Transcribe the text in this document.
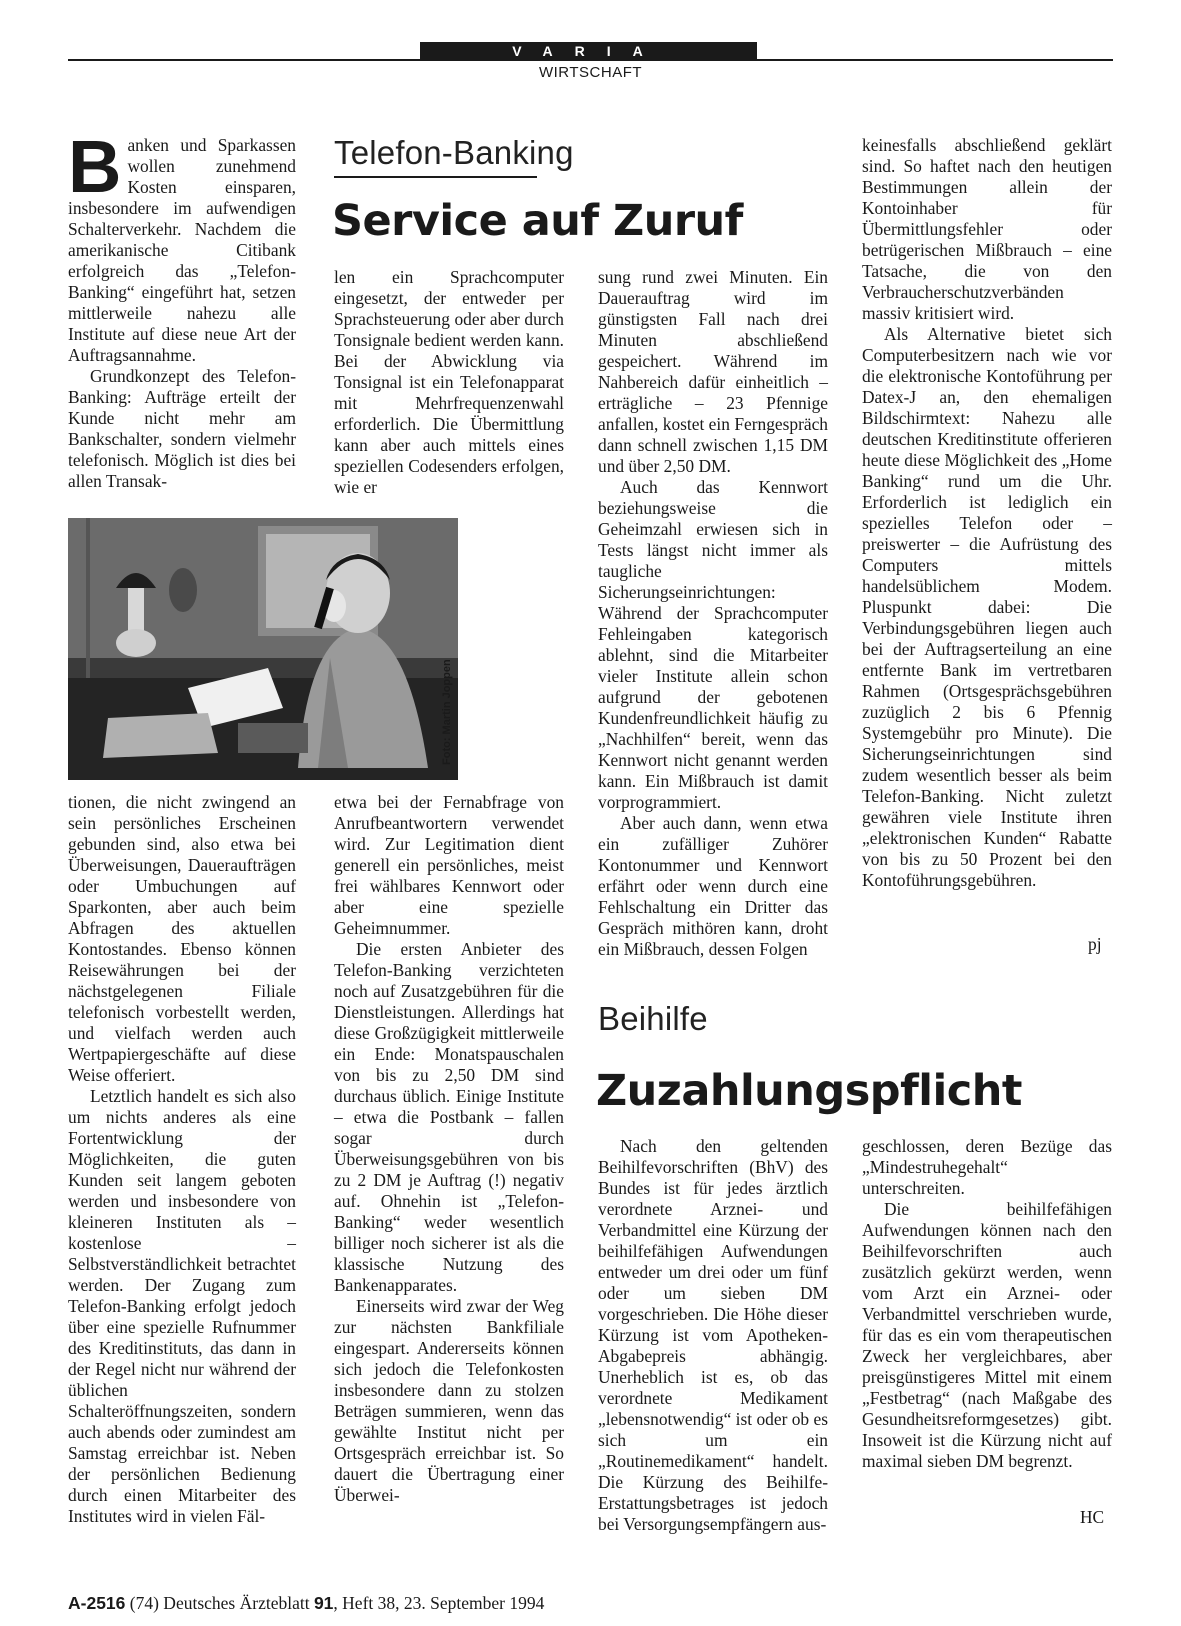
VARIA
WIRTSCHAFT

Banken und Sparkassen wollen zunehmend Kosten einsparen, insbesondere im aufwendigen Schalterverkehr. Nachdem die amerikanische Citibank erfolgreich das „Telefon-Banking“ eingeführt hat, setzen mittlerweile nahezu alle Institute auf diese neue Art der Auftragsannahme.

Grundkonzept des Telefon-Banking: Aufträge erteilt der Kunde nicht mehr am Bankschalter, sondern vielmehr telefonisch. Möglich ist dies bei allen Transak-

Foto: Martin Joppen

tionen, die nicht zwingend an sein persönliches Erscheinen gebunden sind, also etwa bei Überweisungen, Daueraufträgen oder Umbuchungen auf Sparkonten, aber auch beim Abfragen des aktuellen Kontostandes. Ebenso können Reisewährungen bei der nächstgelegenen Filiale telefonisch vorbestellt werden, und vielfach werden auch Wertpapiergeschäfte auf diese Weise offeriert.

Letztlich handelt es sich also um nichts anderes als eine Fortentwicklung der Möglichkeiten, die guten Kunden seit langem geboten werden und insbesondere von kleineren Instituten als – kostenlose – Selbstverständlichkeit betrachtet werden. Der Zugang zum Telefon-Banking erfolgt jedoch über eine spezielle Rufnummer des Kreditinstituts, das dann in der Regel nicht nur während der üblichen Schalteröffnungszeiten, sondern auch abends oder zumindest am Samstag erreichbar ist. Neben der persönlichen Bedienung durch einen Mitarbeiter des Institutes wird in vielen Fäl-

Telefon-Banking
Service auf Zuruf

len ein Sprachcomputer eingesetzt, der entweder per Sprachsteuerung oder aber durch Tonsignale bedient werden kann. Bei der Abwicklung via Tonsignal ist ein Telefonapparat mit Mehrfrequenzenwahl erforderlich. Die Übermittlung kann aber auch mittels eines speziellen Codesenders erfolgen, wie er

etwa bei der Fernabfrage von Anrufbeantwortern verwendet wird. Zur Legitimation dient generell ein persönliches, meist frei wählbares Kennwort oder aber eine spezielle Geheimnummer.

Die ersten Anbieter des Telefon-Banking verzichteten noch auf Zusatzgebühren für die Dienstleistungen. Allerdings hat diese Großzügigkeit mittlerweile ein Ende: Monatspauschalen von bis zu 2,50 DM sind durchaus üblich. Einige Institute – etwa die Postbank – fallen sogar durch Überweisungsgebühren von bis zu 2 DM je Auftrag (!) negativ auf. Ohnehin ist „Telefon-Banking“ weder wesentlich billiger noch sicherer ist als die klassische Nutzung des Bankenapparates.

Einerseits wird zwar der Weg zur nächsten Bankfiliale eingespart. Andererseits können sich jedoch die Telefonkosten insbesondere dann zu stolzen Beträgen summieren, wenn das gewählte Institut nicht per Ortsgespräch erreichbar ist. So dauert die Übertragung einer Überwei-

sung rund zwei Minuten. Ein Dauerauftrag wird im günstigsten Fall nach drei Minuten abschließend gespeichert. Während im Nahbereich dafür einheitlich – erträgliche – 23 Pfennige anfallen, kostet ein Ferngespräch dann schnell zwischen 1,15 DM und über 2,50 DM.

Auch das Kennwort beziehungsweise die Geheimzahl erwiesen sich in Tests längst nicht immer als taugliche Sicherungseinrichtungen: Während der Sprachcomputer Fehleingaben kategorisch ablehnt, sind die Mitarbeiter vieler Institute allein schon aufgrund der gebotenen Kundenfreundlichkeit häufig zu „Nachhilfen“ bereit, wenn das Kennwort nicht genannt werden kann. Ein Mißbrauch ist damit vorprogrammiert.

Aber auch dann, wenn etwa ein zufälliger Zuhörer Kontonummer und Kennwort erfährt oder wenn durch eine Fehlschaltung ein Dritter das Gespräch mithören kann, droht ein Mißbrauch, dessen Folgen

keinesfalls abschließend geklärt sind. So haftet nach den heutigen Bestimmungen allein der Kontoinhaber für Übermittlungsfehler oder betrügerischen Mißbrauch – eine Tatsache, die von den Verbraucherschutzverbänden massiv kritisiert wird.

Als Alternative bietet sich Computerbesitzern nach wie vor die elektronische Kontoführung per Datex-J an, den ehemaligen Bildschirmtext: Nahezu alle deutschen Kreditinstitute offerieren heute diese Möglichkeit des „Home Banking“ rund um die Uhr. Erforderlich ist lediglich ein spezielles Telefon oder – preiswerter – die Aufrüstung des Computers mittels handelsüblichem Modem. Pluspunkt dabei: Die Verbindungsgebühren liegen auch bei der Auftragserteilung an eine entfernte Bank im vertretbaren Rahmen (Ortsgesprächsgebühren zuzüglich 2 bis 6 Pfennig Systemgebühr pro Minute). Die Sicherungseinrichtungen sind zudem wesentlich besser als beim Telefon-Banking. Nicht zuletzt gewähren viele Institute ihren „elektronischen Kunden“ Rabatte von bis zu 50 Prozent bei den Kontoführungsgebühren.

pj
Beihilfe
Zuzahlungspflicht

Nach den geltenden Beihilfevorschriften (BhV) des Bundes ist für jedes ärztlich verordnete Arznei- und Verbandmittel eine Kürzung der beihilfefähigen Aufwendungen entweder um drei oder um fünf oder um sieben DM vorgeschrieben. Die Höhe dieser Kürzung ist vom Apotheken-Abgabepreis abhängig. Unerheblich ist es, ob das verordnete Medikament „lebensnotwendig“ ist oder ob es sich um ein „Routinemedikament“ handelt. Die Kürzung des Beihilfe-Erstattungsbetrages ist jedoch bei Versorgungsempfängern aus-

geschlossen, deren Bezüge das „Mindestruhegehalt“ unterschreiten.

Die beihilfefähigen Aufwendungen können nach den Beihilfevorschriften auch zusätzlich gekürzt werden, wenn vom Arzt ein Arznei- oder Verbandmittel verschrieben wurde, für das es ein vom therapeutischen Zweck her vergleichbares, aber preisgünstigeres Mittel mit einem „Festbetrag“ (nach Maßgabe des Gesundheitsreformgesetzes) gibt. Insoweit ist die Kürzung nicht auf maximal sieben DM begrenzt.

HC
A-2516 (74) Deutsches Ärzteblatt 91, Heft 38, 23. September 1994
